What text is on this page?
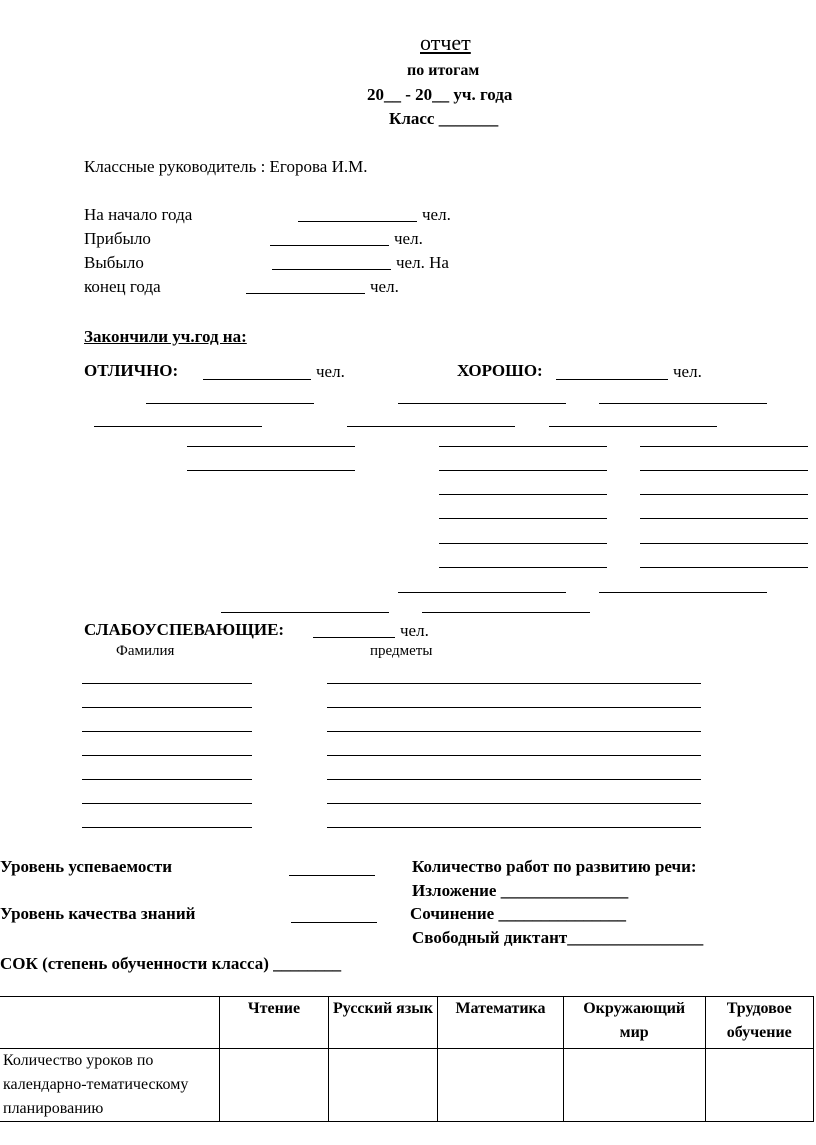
отчет
по итогам
20__ - 20__ уч. года
Класс _______
Классные руководитель : Егорова И.М.
На начало года	чел.
Прибыло	чел.
Выбыло	чел. На
конец года	чел.
Закончили уч.год на:
ОТЛИЧНО:	чел.	ХОРОШО:	чел.
СЛАБОУСПЕВАЮЩИЕ:	чел.
Фамилия	предметы
Уровень успеваемости
Уровень качества знаний
СОК (степень обученности класса) ________
Количество работ по развитию речи:
Изложение _______________
Сочинение _______________
Свободный диктант________________
	Чтение	Русский язык	Математика	Окружающий мир	Трудовое обучение
Количество уроков по календарно-тематическому планированию					
